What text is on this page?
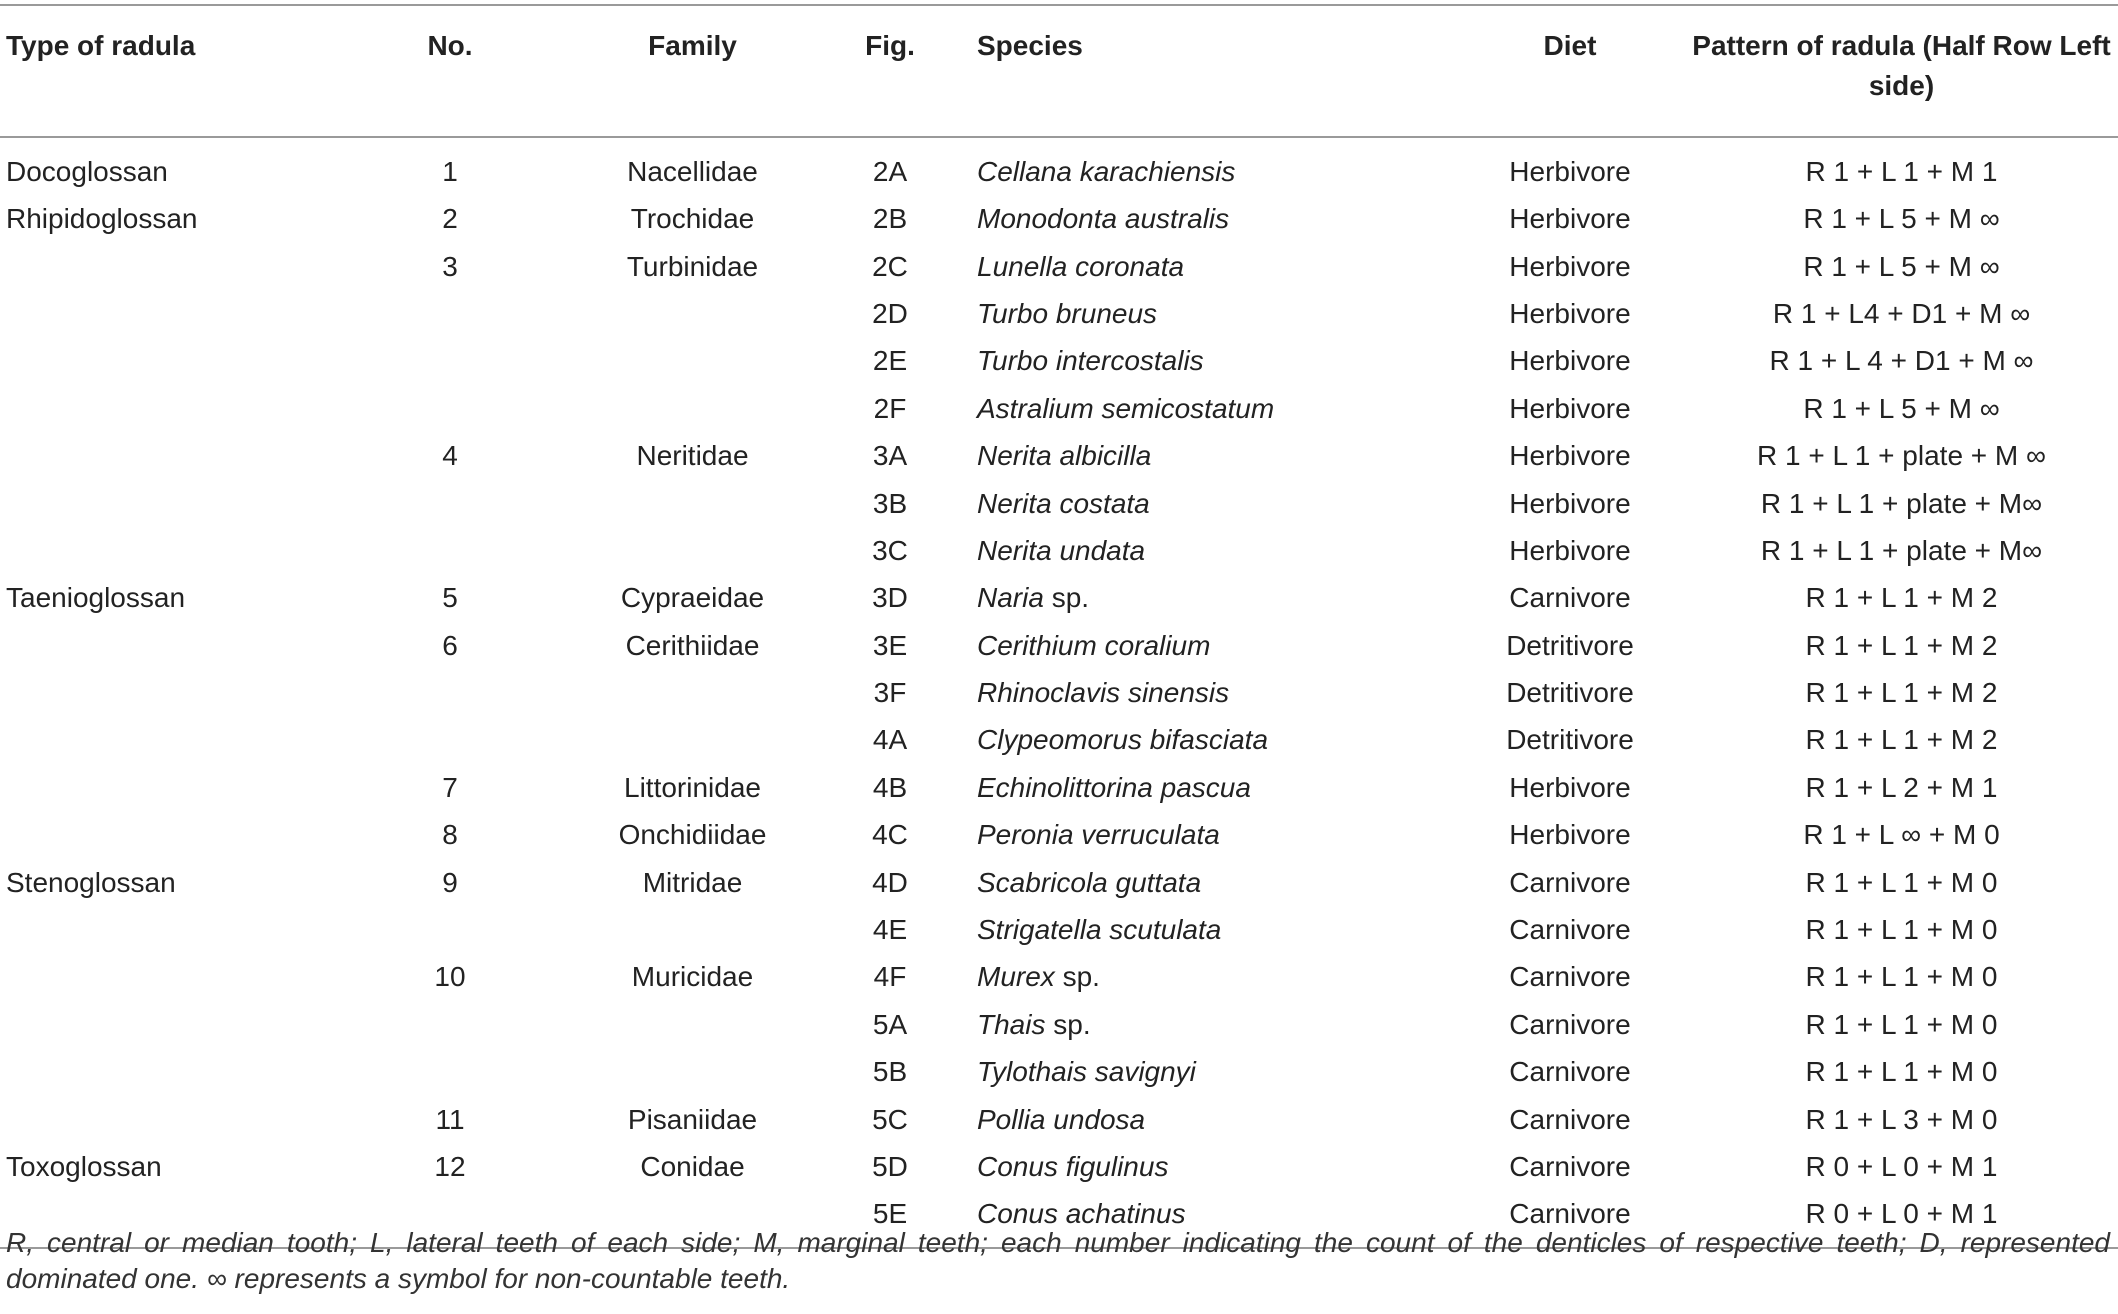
Type of radula	No.	Family	Fig.	Species	Diet	Pattern of radula (Half Row Left side)
Docoglossan	1	Nacellidae	2A	Cellana karachiensis	Herbivore	R 1 + L 1 + M 1
Rhipidoglossan	2	Trochidae	2B	Monodonta australis	Herbivore	R 1 + L 5 + M ∞
	3	Turbinidae	2C	Lunella coronata	Herbivore	R 1 + L 5 + M ∞
			2D	Turbo bruneus	Herbivore	R 1 + L4 + D1 + M ∞
			2E	Turbo intercostalis	Herbivore	R 1 + L 4 + D1 + M ∞
			2F	Astralium semicostatum	Herbivore	R 1 + L 5 + M ∞
	4	Neritidae	3A	Nerita albicilla	Herbivore	R 1 + L 1 + plate + M ∞
			3B	Nerita costata	Herbivore	R 1 + L 1 + plate + M∞
			3C	Nerita undata	Herbivore	R 1 + L 1 + plate + M∞
Taenioglossan	5	Cypraeidae	3D	Naria sp.	Carnivore	R 1 + L 1 + M 2
	6	Cerithiidae	3E	Cerithium coralium	Detritivore	R 1 + L 1 + M 2
			3F	Rhinoclavis sinensis	Detritivore	R 1 + L 1 + M 2
			4A	Clypeomorus bifasciata	Detritivore	R 1 + L 1 + M 2
	7	Littorinidae	4B	Echinolittorina pascua	Herbivore	R 1 + L 2 + M 1
	8	Onchidiidae	4C	Peronia verruculata	Herbivore	R 1 + L ∞ + M 0
Stenoglossan	9	Mitridae	4D	Scabricola guttata	Carnivore	R 1 + L 1 + M 0
			4E	Strigatella scutulata	Carnivore	R 1 + L 1 + M 0
	10	Muricidae	4F	Murex sp.	Carnivore	R 1 + L 1 + M 0
			5A	Thais sp.	Carnivore	R 1 + L 1 + M 0
			5B	Tylothais savignyi	Carnivore	R 1 + L 1 + M 0
	11	Pisaniidae	5C	Pollia undosa	Carnivore	R 1 + L 3 + M 0
Toxoglossan	12	Conidae	5D	Conus figulinus	Carnivore	R 0 + L 0 + M 1
			5E	Conus achatinus	Carnivore	R 0 + L 0 + M 1
R, central or median tooth; L, lateral teeth of each side; M, marginal teeth; each number indicating the count of the denticles of respective teeth; D, represented dominated one. ∞ represents a symbol for non-countable teeth.
